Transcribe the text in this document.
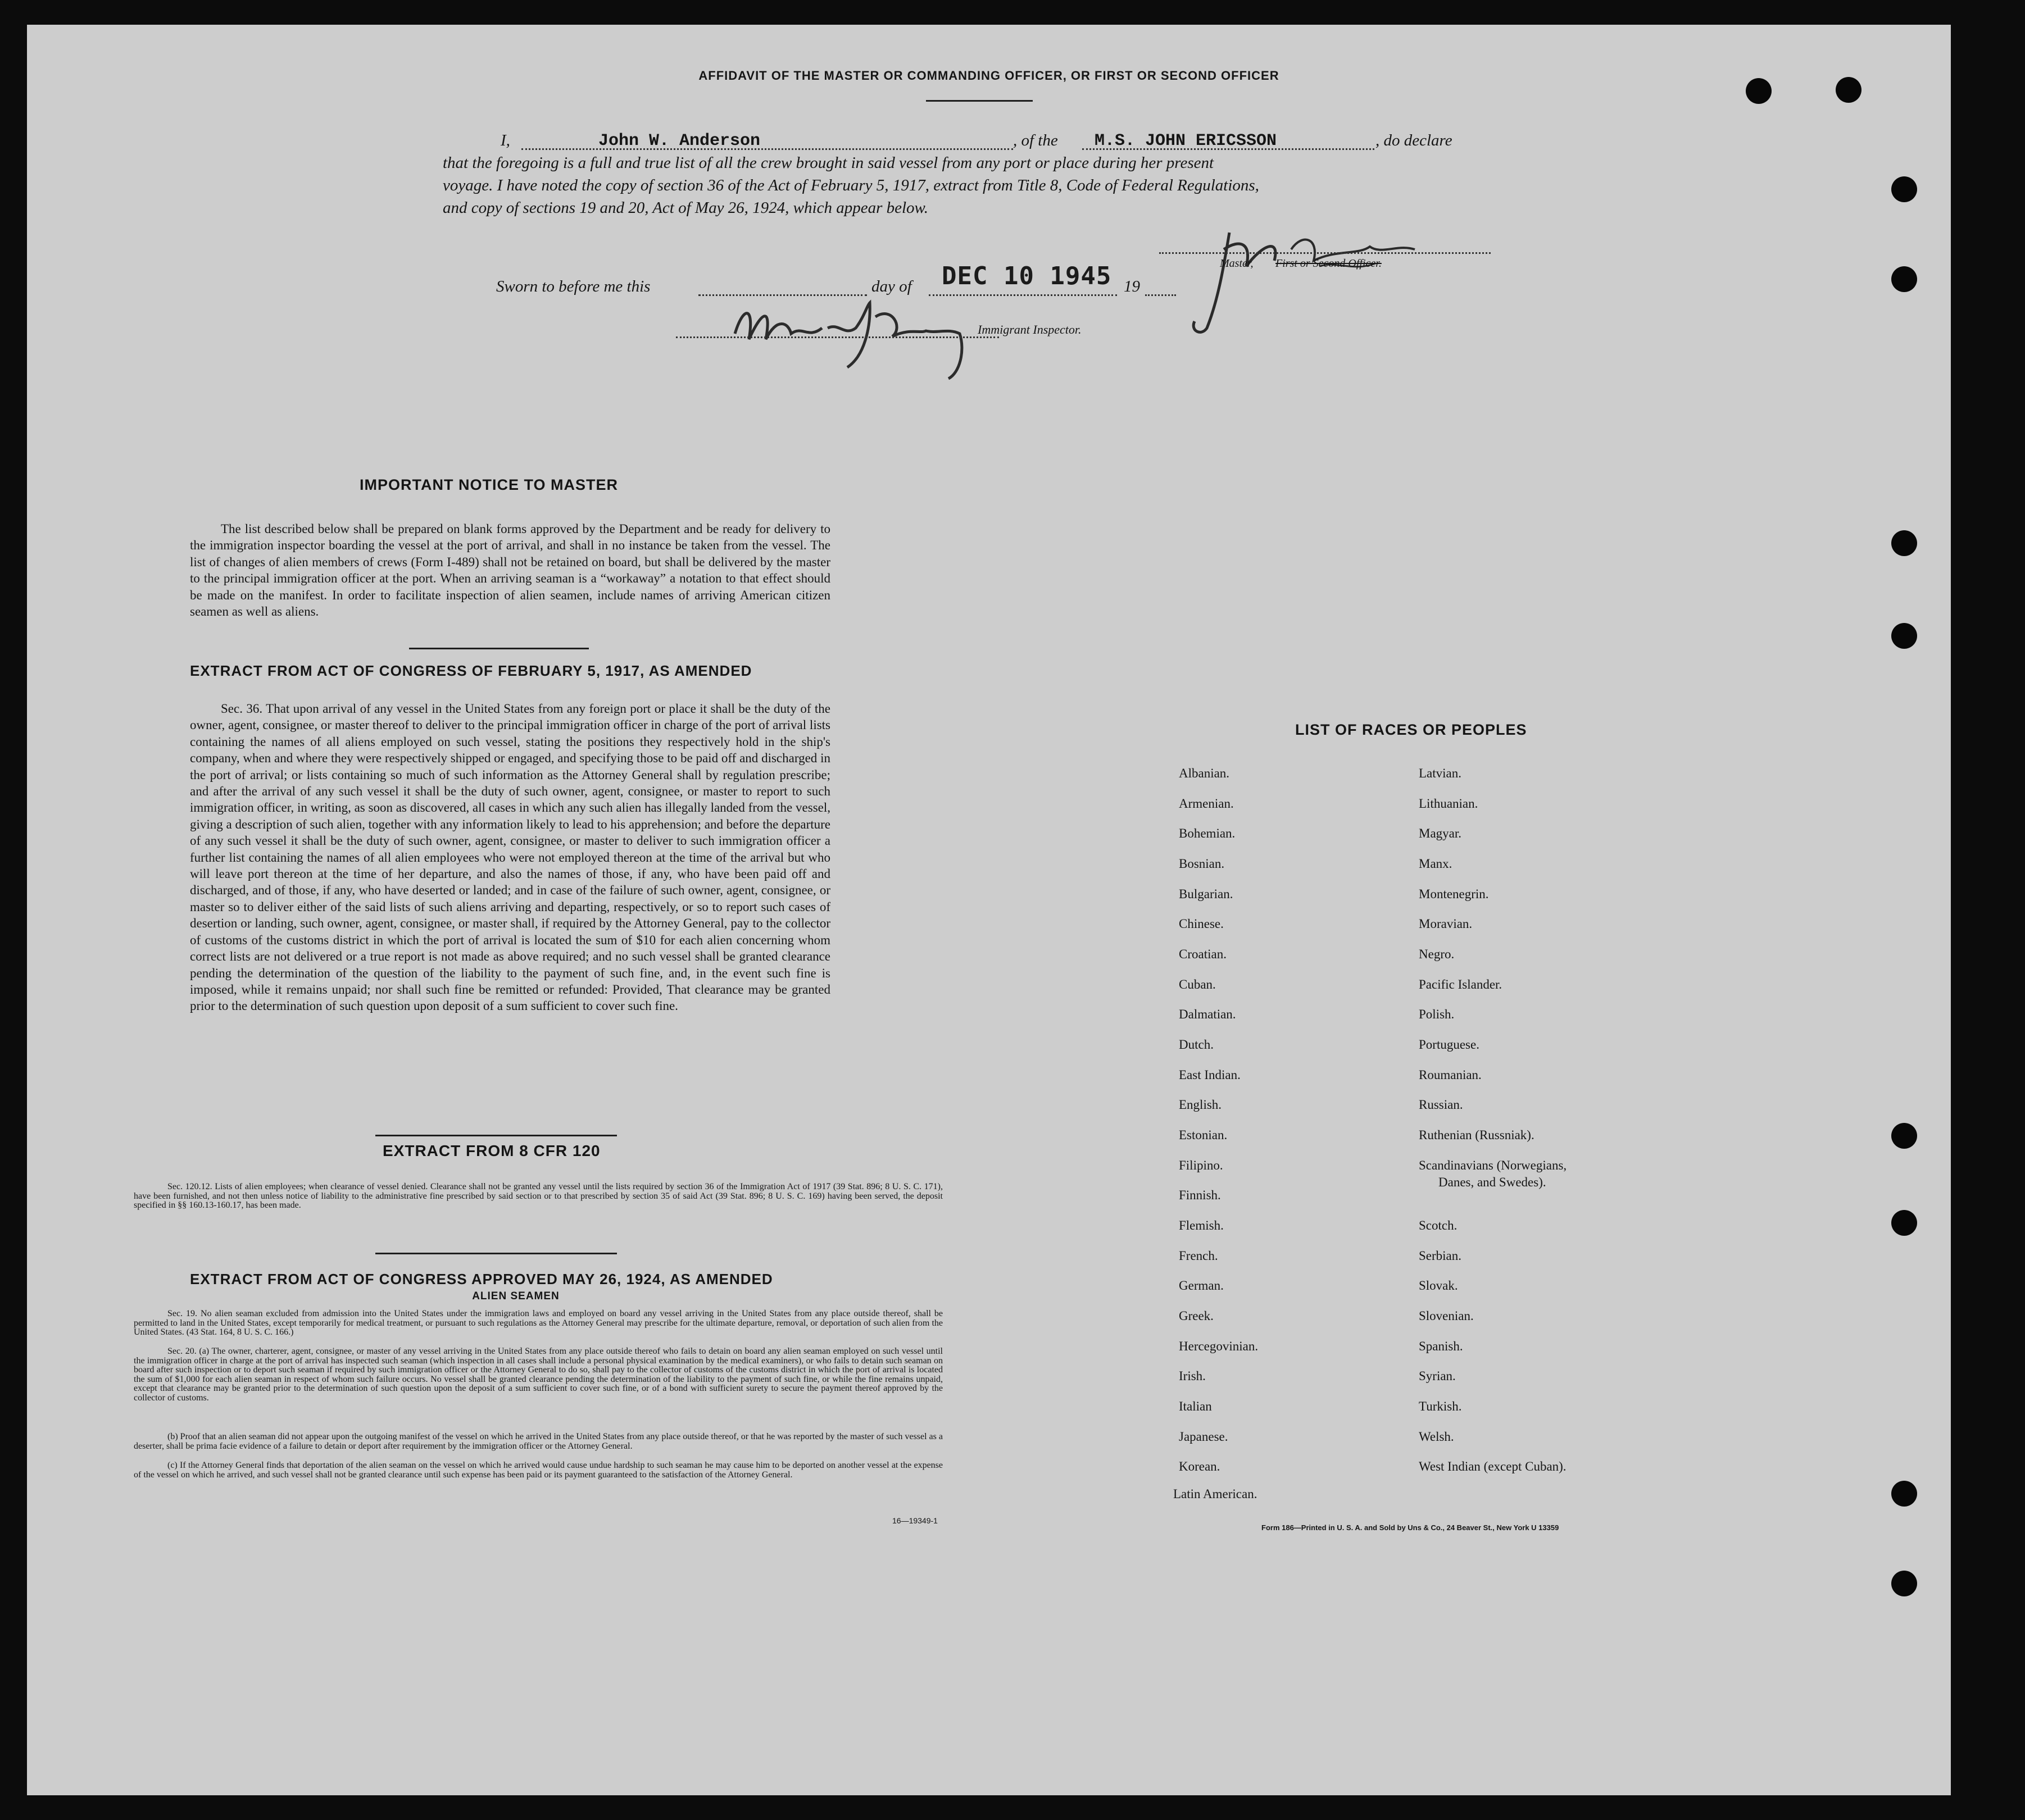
AFFIDAVIT OF THE MASTER OR COMMANDING OFFICER, OR FIRST OR SECOND OFFICER
I,	John W. Anderson	, of the M.S. JOHN ERICSSON	, do declare
that the foregoing is a full and true list of all the crew brought in said vessel from any port or place during her present
voyage. I have noted the copy of section 36 of the Act of February 5, 1917, extract from Title 8, Code of Federal Regulations,
and copy of sections 19 and 20, Act of May 26, 1924, which appear below.
Master, First or Second Officer.
Sworn to before me this	day of DEC 10 1945 19
Immigrant Inspector.
IMPORTANT NOTICE TO MASTER

The list described below shall be prepared on blank forms approved by the Department and be ready for delivery to the immigration inspector boarding the vessel at the port of arrival, and shall in no instance be taken from the vessel. The list of changes of alien members of crews (Form I-489) shall not be retained on board, but shall be delivered by the master to the principal immigration officer at the port. When an arriving seaman is a “workaway” a notation to that effect should be made on the manifest. In order to facilitate inspection of alien seamen, include names of arriving American citizen seamen as well as aliens.

EXTRACT FROM ACT OF CONGRESS OF FEBRUARY 5, 1917, AS AMENDED

Sec. 36. That upon arrival of any vessel in the United States from any foreign port or place it shall be the duty of the owner, agent, consignee, or master thereof to deliver to the principal immigration officer in charge of the port of arrival lists containing the names of all aliens employed on such vessel, stating the positions they respectively hold in the ship's company, when and where they were respectively shipped or engaged, and specifying those to be paid off and discharged in the port of arrival; or lists containing so much of such information as the Attorney General shall by regulation prescribe; and after the arrival of any such vessel it shall be the duty of such owner, agent, consignee, or master to report to such immigration officer, in writing, as soon as discovered, all cases in which any such alien has illegally landed from the vessel, giving a description of such alien, together with any information likely to lead to his apprehension; and before the departure of any such vessel it shall be the duty of such owner, agent, consignee, or master to deliver to such immigration officer a further list containing the names of all alien employees who were not employed thereon at the time of the arrival but who will leave port thereon at the time of her departure, and also the names of those, if any, who have been paid off and discharged, and of those, if any, who have deserted or landed; and in case of the failure of such owner, agent, consignee, or master so to deliver either of the said lists of such aliens arriving and departing, respectively, or so to report such cases of desertion or landing, such owner, agent, consignee, or master shall, if required by the Attorney General, pay to the collector of customs of the customs district in which the port of arrival is located the sum of $10 for each alien concerning whom correct lists are not delivered or a true report is not made as above required; and no such vessel shall be granted clearance pending the determination of the question of the liability to the payment of such fine, and, in the event such fine is imposed, while it remains unpaid; nor shall such fine be remitted or refunded: Provided, That clearance may be granted prior to the determination of such question upon deposit of a sum sufficient to cover such fine.

EXTRACT FROM 8 CFR 120

Sec. 120.12. Lists of alien employees; when clearance of vessel denied. Clearance shall not be granted any vessel until the lists required by section 36 of the Immigration Act of 1917 (39 Stat. 896; 8 U. S. C. 171), have been furnished, and not then unless notice of liability to the administrative fine prescribed by said section or to that prescribed by section 35 of said Act (39 Stat. 896; 8 U. S. C. 169) having been served, the deposit specified in §§ 160.13-160.17, has been made.

EXTRACT FROM ACT OF CONGRESS APPROVED MAY 26, 1924, AS AMENDED
ALIEN SEAMEN

Sec. 19. No alien seaman excluded from admission into the United States under the immigration laws and employed on board any vessel arriving in the United States from any place outside thereof, shall be permitted to land in the United States, except temporarily for medical treatment, or pursuant to such regulations as the Attorney General may prescribe for the ultimate departure, removal, or deportation of such alien from the United States. (43 Stat. 164, 8 U. S. C. 166.)

Sec. 20. (a) The owner, charterer, agent, consignee, or master of any vessel arriving in the United States from any place outside thereof who fails to detain on board any alien seaman employed on such vessel until the immigration officer in charge at the port of arrival has inspected such seaman (which inspection in all cases shall include a personal physical examination by the medical examiners), or who fails to detain such seaman on board after such inspection or to deport such seaman if required by such immigration officer or the Attorney General to do so, shall pay to the collector of customs of the customs district in which the port of arrival is located the sum of $1,000 for each alien seaman in respect of whom such failure occurs. No vessel shall be granted clearance pending the determination of the liability to the payment of such fine, or while the fine remains unpaid, except that clearance may be granted prior to the determination of such question upon the deposit of a sum sufficient to cover such fine, or of a bond with sufficient surety to secure the payment thereof approved by the collector of customs.

(b) Proof that an alien seaman did not appear upon the outgoing manifest of the vessel on which he arrived in the United States from any place outside thereof, or that he was reported by the master of such vessel as a deserter, shall be prima facie evidence of a failure to detain or deport after requirement by the immigration officer or the Attorney General.

(c) If the Attorney General finds that deportation of the alien seaman on the vessel on which he arrived would cause undue hardship to such seaman he may cause him to be deported on another vessel at the expense of the vessel on which he arrived, and such vessel shall not be granted clearance until such expense has been paid or its payment guaranteed to the satisfaction of the Attorney General.

16—19349-1
LIST OF RACES OR PEOPLES
Albanian.
Armenian.
Bohemian.
Bosnian.
Bulgarian.
Chinese.
Croatian.
Cuban.
Dalmatian.
Dutch.
East Indian.
English.
Estonian.
Filipino.
Finnish.
Flemish.
French.
German.
Greek.
Hercegovinian.
Irish.
Italian
Japanese.
Korean.
Latin American.
Latvian.
Lithuanian.
Magyar.
Manx.
Montenegrin.
Moravian.
Negro.
Pacific Islander.
Polish.
Portuguese.
Roumanian.
Russian.
Ruthenian (Russniak).
Scandinavians (Norwegians,
Danes, and Swedes).
Scotch.
Serbian.
Slovak.
Slovenian.
Spanish.
Syrian.
Turkish.
Welsh.
West Indian (except Cuban).
Form 186—Printed in U. S. A. and Sold by Uns & Co., 24 Beaver St., New York U 13359
